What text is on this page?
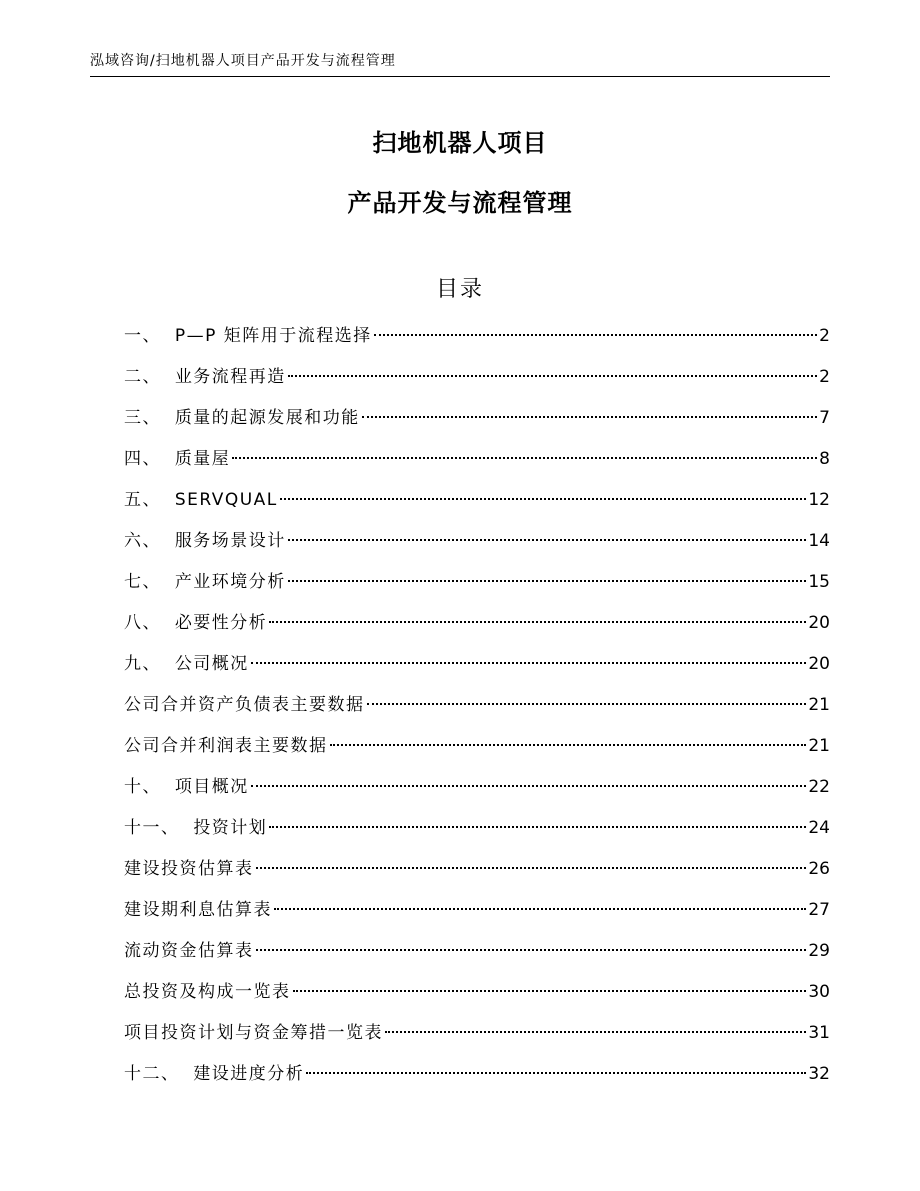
泓域咨询/扫地机器人项目产品开发与流程管理
扫地机器人项目
产品开发与流程管理
目录
一、 P—P 矩阵用于流程选择	2
二、 业务流程再造	2
三、 质量的起源发展和功能	7
四、 质量屋	8
五、 SERVQUAL	12
六、 服务场景设计	14
七、 产业环境分析	15
八、 必要性分析	20
九、 公司概况	20
公司合并资产负债表主要数据	21
公司合并利润表主要数据	21
十、 项目概况	22
十一、 投资计划	24
建设投资估算表	26
建设期利息估算表	27
流动资金估算表	29
总投资及构成一览表	30
项目投资计划与资金筹措一览表	31
十二、 建设进度分析	32
